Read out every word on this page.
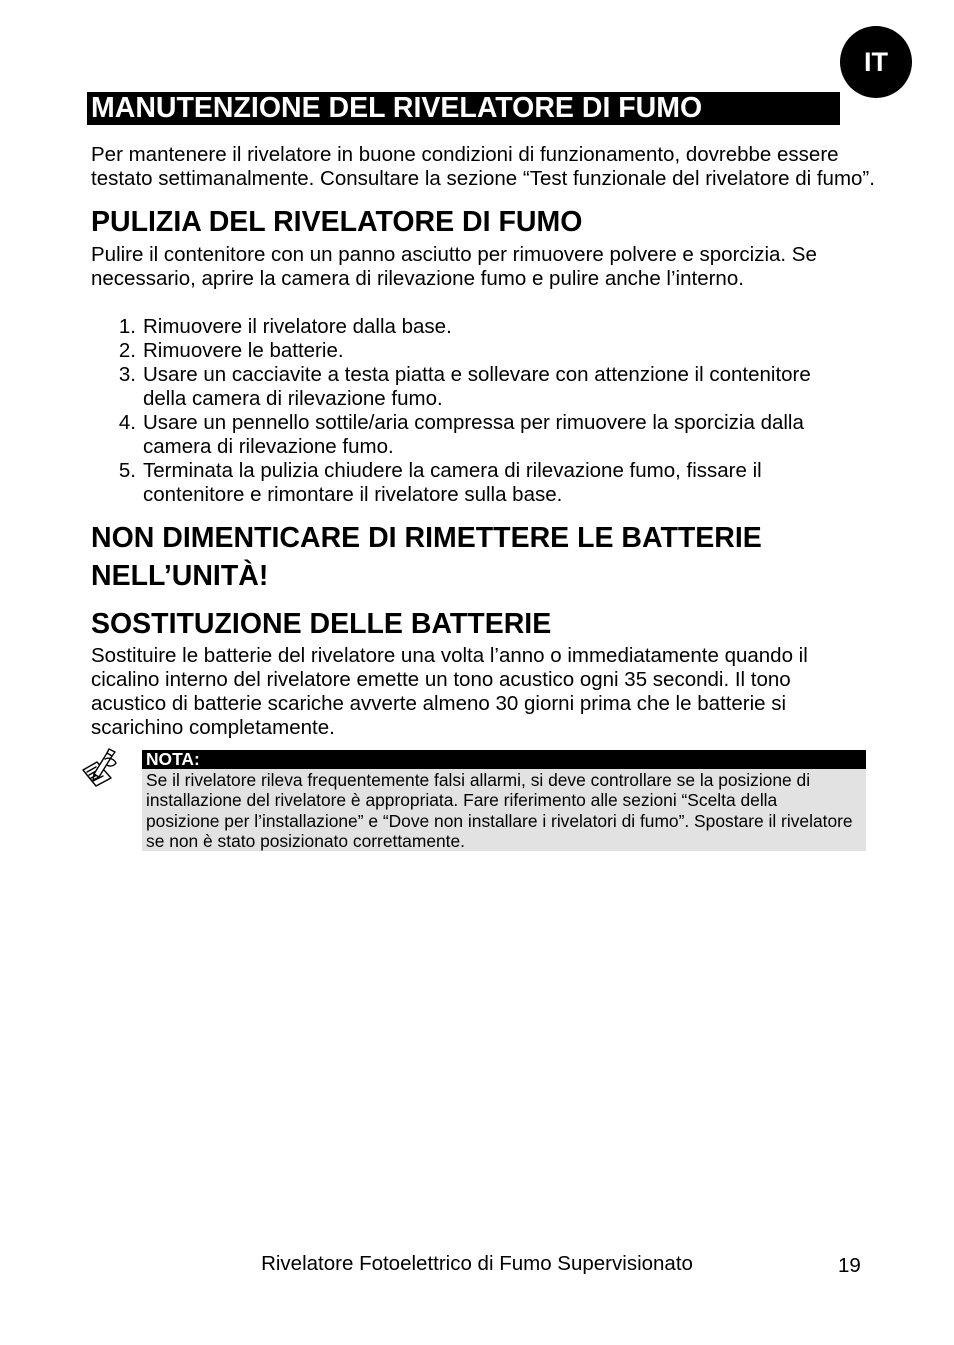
IT
MANUTENZIONE DEL RIVELATORE DI FUMO
Per mantenere il rivelatore in buone condizioni di funzionamento, dovrebbe essere
testato settimanalmente. Consultare la sezione “Test funzionale del rivelatore di fumo”.
PULIZIA DEL RIVELATORE DI FUMO
Pulire il contenitore con un panno asciutto per rimuovere polvere e sporcizia. Se
necessario, aprire la camera di rilevazione fumo e pulire anche l’interno.
1. Rimuovere il rivelatore dalla base.
2. Rimuovere le batterie.
3. Usare un cacciavite a testa piatta e sollevare con attenzione il contenitore
della camera di rilevazione fumo.
4. Usare un pennello sottile/aria compressa per rimuovere la sporcizia dalla
camera di rilevazione fumo.
5. Terminata la pulizia chiudere la camera di rilevazione fumo, fissare il
contenitore e rimontare il rivelatore sulla base.
NON DIMENTICARE DI RIMETTERE LE BATTERIE
NELL’UNITÀ!
SOSTITUZIONE DELLE BATTERIE
Sostituire le batterie del rivelatore una volta l’anno o immediatamente quando il
cicalino interno del rivelatore emette un tono acustico ogni 35 secondi. Il tono
acustico di batterie scariche avverte almeno 30 giorni prima che le batterie si
scarichino completamente.
NOTA:
Se il rivelatore rileva frequentemente falsi allarmi, si deve controllare se la posizione di
installazione del rivelatore è appropriata. Fare riferimento alle sezioni “Scelta della
posizione per l’installazione” e “Dove non installare i rivelatori di fumo”. Spostare il rivelatore
se non è stato posizionato correttamente.
Rivelatore Fotoelettrico di Fumo Supervisionato	19
